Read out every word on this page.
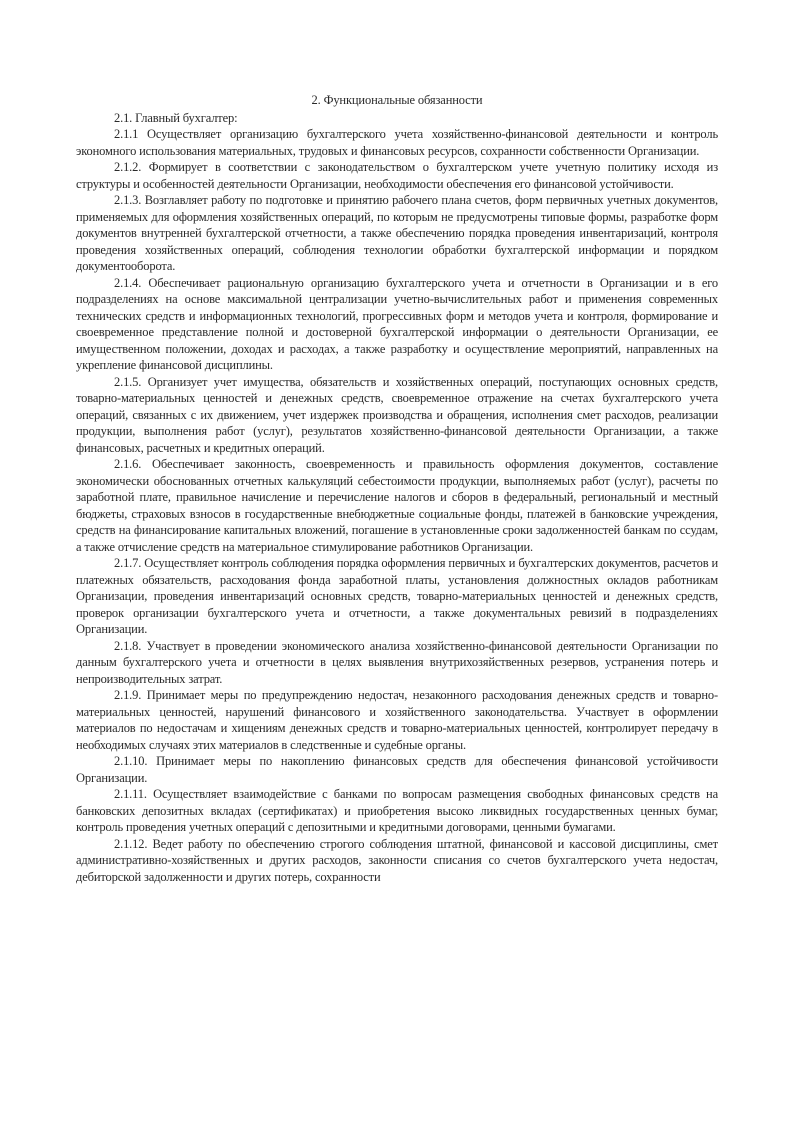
2. Функциональные обязанности

2.1. Главный бухгалтер:

2.1.1 Осуществляет организацию бухгалтерского учета хозяйственно-финансовой деятельности и контроль экономного использования материальных, трудовых и финансовых ресурсов, сохранности собственности Организации.

2.1.2. Формирует в соответствии с законодательством о бухгалтерском учете учетную политику исходя из структуры и особенностей деятельности Организации, необходимости обеспечения его финансовой устойчивости.

2.1.3. Возглавляет работу по подготовке и принятию рабочего плана счетов, форм первичных учетных документов, применяемых для оформления хозяйственных операций, по которым не предусмотрены типовые формы, разработке форм документов внутренней бухгалтерской отчетности, а также обеспечению порядка проведения инвентаризаций, контроля проведения хозяйственных операций, соблюдения технологии обработки бухгалтерской информации и порядком документооборота.

2.1.4. Обеспечивает рациональную организацию бухгалтерского учета и отчетности в Организации и в его подразделениях на основе максимальной централизации учетно-вычислительных работ и применения современных технических средств и информационных технологий, прогрессивных форм и методов учета и контроля, формирование и своевременное представление полной и достоверной бухгалтерской информации о деятельности Организации, ее имущественном положении, доходах и расходах, а также разработку и осуществление мероприятий, направленных на укрепление финансовой дисциплины.

2.1.5. Организует учет имущества, обязательств и хозяйственных операций, поступающих основных средств, товарно-материальных ценностей и денежных средств, своевременное отражение на счетах бухгалтерского учета операций, связанных с их движением, учет издержек производства и обращения, исполнения смет расходов, реализации продукции, выполнения работ (услуг), результатов хозяйственно-финансовой деятельности Организации, а также финансовых, расчетных и кредитных операций.

2.1.6. Обеспечивает законность, своевременность и правильность оформления документов, составление экономически обоснованных отчетных калькуляций себестоимости продукции, выполняемых работ (услуг), расчеты по заработной плате, правильное начисление и перечисление налогов и сборов в федеральный, региональный и местный бюджеты, страховых взносов в государственные внебюджетные социальные фонды, платежей в банковские учреждения, средств на финансирование капитальных вложений, погашение в установленные сроки задолженностей банкам по ссудам, а также отчисление средств на материальное стимулирование работников Организации.

2.1.7. Осуществляет контроль соблюдения порядка оформления первичных и бухгалтерских документов, расчетов и платежных обязательств, расходования фонда заработной платы, установления должностных окладов работникам Организации, проведения инвентаризаций основных средств, товарно-материальных ценностей и денежных средств, проверок организации бухгалтерского учета и отчетности, а также документальных ревизий в подразделениях Организации.

2.1.8. Участвует в проведении экономического анализа хозяйственно-финансовой деятельности Организации по данным бухгалтерского учета и отчетности в целях выявления внутрихозяйственных резервов, устранения потерь и непроизводительных затрат.

2.1.9. Принимает меры по предупреждению недостач, незаконного расходования денежных средств и товарно-материальных ценностей, нарушений финансового и хозяйственного законодательства. Участвует в оформлении материалов по недостачам и хищениям денежных средств и товарно-материальных ценностей, контролирует передачу в необходимых случаях этих материалов в следственные и судебные органы.

2.1.10. Принимает меры по накоплению финансовых средств для обеспечения финансовой устойчивости Организации.

2.1.11. Осуществляет взаимодействие с банками по вопросам размещения свободных финансовых средств на банковских депозитных вкладах (сертификатах) и приобретения высоко ликвидных государственных ценных бумаг, контроль проведения учетных операций с депозитными и кредитными договорами, ценными бумагами.

2.1.12. Ведет работу по обеспечению строгого соблюдения штатной, финансовой и кассовой дисциплины, смет административно-хозяйственных и других расходов, законности списания со счетов бухгалтерского учета недостач, дебиторской задолженности и других потерь, сохранности
